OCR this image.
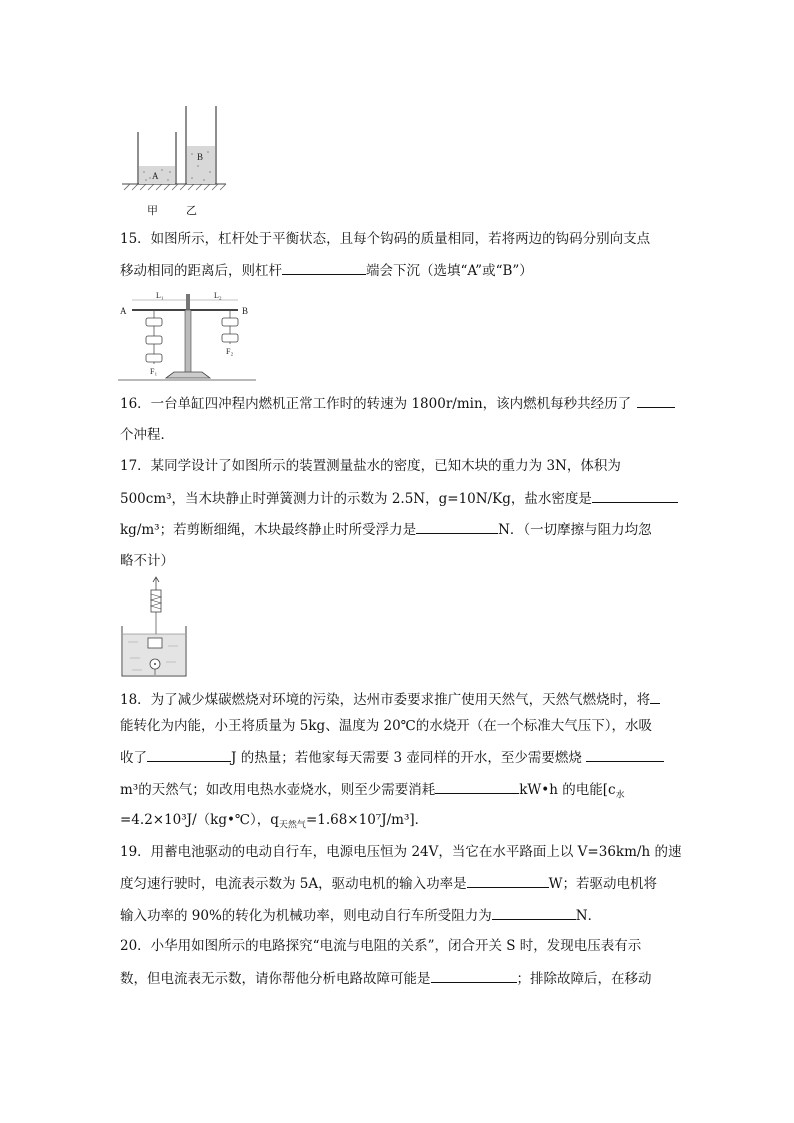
A
B
甲	乙
15．如图所示，杠杆处于平衡状态，且每个钩码的质量相同，若将两边的钩码分别向支点
移动相同的距离后，则杠杆	端会下沉（选填“A”或“B”）
A	B
L₁	L₂
F₁
F₂
16．一台单缸四冲程内燃机正常工作时的转速为 1800r/min，该内燃机每秒共经历了
个冲程．
17．某同学设计了如图所示的装置测量盐水的密度，已知木块的重力为 3N，体积为
500cm³，当木块静止时弹簧测力计的示数为 2.5N，g=10N/Kg，盐水密度是
kg/m³；若剪断细绳，木块最终静止时所受浮力是	N．（一切摩擦与阻力均忽
略不计）
18．为了减少煤碳燃烧对环境的污染，达州市委要求推广使用天然气，天然气燃烧时，将
能转化为内能，小王将质量为 5kg、温度为 20℃的水烧开（在一个标准大气压下），水吸
收了	J 的热量；若他家每天需要 3 壶同样的开水，至少需要燃烧
m³的天然气；如改用电热水壶烧水，则至少需要消耗	kW•h 的电能[$c_水$
=4.2×10³J/（kg•℃），$q_{天然气}=1.68\times 10^7J/m^3$]．
19．用蓄电池驱动的电动自行车，电源电压恒为 24V，当它在水平路面上以 V=36km/h 的速
度匀速行驶时，电流表示数为 5A，驱动电机的输入功率是	W；若驱动电机将
输入功率的 90%的转化为机械功率，则电动自行车所受阻力为	N．
20．小华用如图所示的电路探究“电流与电阻的关系”，闭合开关 S 时，发现电压表有示
数，但电流表无示数，请你帮他分析电路故障可能是	；排除故障后，在移动
